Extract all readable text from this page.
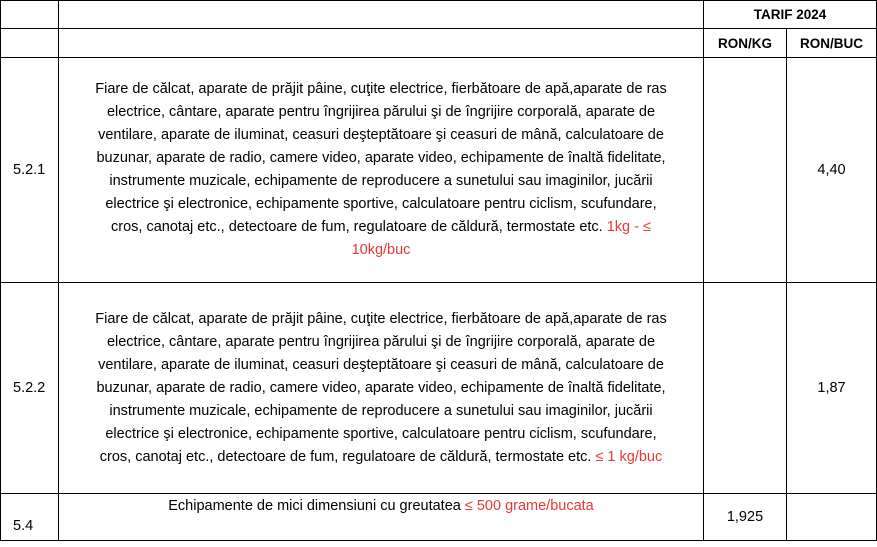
		TARIF 2024	
		RON/KG	RON/BUC
5.2.1	Fiare de călcat, aparate de prăjit pâine, cuţite electrice, fierbătoare de apă,aparate de ras electrice, cântare, aparate pentru îngrijirea părului şi de îngrijire corporală, aparate de ventilare, aparate de iluminat, ceasuri deşteptătoare şi ceasuri de mână, calculatoare de buzunar, aparate de radio, camere video, aparate video, echipamente de înaltă fidelitate, instrumente muzicale, echipamente de reproducere a sunetului sau imaginilor, jucării electrice şi electronice, echipamente sportive, calculatoare pentru ciclism, scufundare, cros, canotaj etc., detectoare de fum, regulatoare de căldură, termostate etc. 1kg - ≤ 10kg/buc		4,40
5.2.2	Fiare de călcat, aparate de prăjit pâine, cuţite electrice, fierbătoare de apă,aparate de ras electrice, cântare, aparate pentru îngrijirea părului şi de îngrijire corporală, aparate de ventilare, aparate de iluminat, ceasuri deşteptătoare şi ceasuri de mână, calculatoare de buzunar, aparate de radio, camere video, aparate video, echipamente de înaltă fidelitate, instrumente muzicale, echipamente de reproducere a sunetului sau imaginilor, jucării electrice şi electronice, echipamente sportive, calculatoare pentru ciclism, scufundare, cros, canotaj etc., detectoare de fum, regulatoare de căldură, termostate etc. ≤ 1 kg/buc		1,87
5.4	Echipamente de mici dimensiuni cu greutatea ≤ 500 grame/bucata	1,925	
